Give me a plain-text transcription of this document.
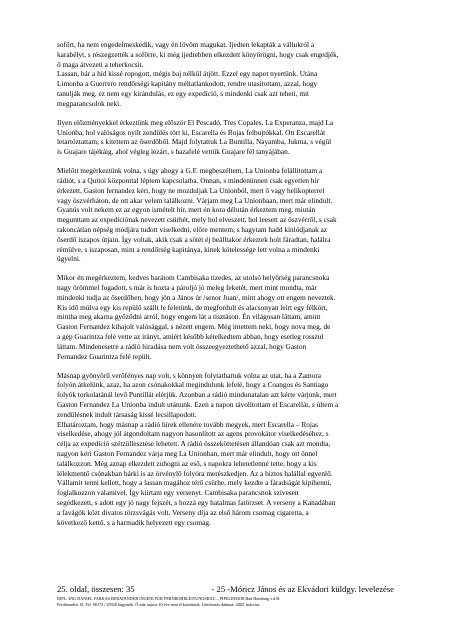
sofőrt, ha nem engedelmeskedik, vagy én lövöm magukat. Ijedten lekapták a vállukról a

karabélyt, s részegzették a sofőrre, ki még ijedtebben elkezdett könyörögni, hogy csak engedjék,

ő maga átvezeti a teherkocsit.

Lassan, bár a híd kissé ropogott, mégis baj nélkül átjött. Ezzel egy napot nyertünk. Utána

Limonba a Guerrero rendőrségi kapitány méltatlankodott, rendre utasítottam, azzal, hogy

tanulják meg, ez nem egy kirándulás, ez egy expedíció, s mindenki csak azt teheti, mit

megparancsolok neki.

Ilyen előzményekkel érkeztünk meg először El Pescadó, Tres Copales, La Experanza, majd La

Unionba, hol valóságos nyílt zendülés tört ki, Escarella és Rojas felbujtókkal. Ott Escarellát

letartóztattam, s kitettem az őserdőből. Majd folytattuk La Buntilla, Nayamba, Jukma, s végül

is Guajare tájékáig, ahol végleg lezárt, s hazafelé vettük Guajare fél tanyájában.

Mielőtt megérkeztünk volna, s úgy ahogy a G.F. megbeszéltem, La Unionba felállítottam a

rádiót, s a Quitoi központtal léptem kapcsolatba. Onnan, s mindenünnen csak egyetlen hír

érkezett, Gaston fernandez kéri, hogy ne mozduljak La Unionból, mert ő vagy helikopterrel

vagy öszvérháton, de ott akar velem találkozni. Várjam meg La Unionbaan, mert már elindult.

Gyanús volt nekem ez az egyon ismételt hír, mert én kora délután érkeztem meg, miután

megunttam az expedíciónak nevezett csürhét, mely hol elveszett, hol leesett az öszvérről, s csak

rakoncátlan népség módjára tudott viselkedni, előre mentem, s hagytam hadd kínlódjanak az

őserdő iszapos útjain. Így voltak, akik csak a sötét éj beálltakor érkeztek holt fáradtan, halálra

rémülve, s iszaposan, mint a rendőrség kapitánya, kinek kötelessége lett volna a mindenki

ügyelni.

Mikor én megérkeztem, kedves barátom Cambisaka tizedes, az utolsó helyőrség parancsnoka

nagy örömmel fogadott, s már is hozta a pároljó jó meleg feketét, mert mint mondta, már

mindenki tudja az őserdőben, hogy jön a János úr /senor Juan/, mint ahogy ott engem neveztek.

Kis idő múlva egy kis repülő szállt le feletünk, de megfordult és alacsonyan leírt egy félkört,

mintha meg akarna győződni arról, hogy engem lát a tisztáson. Én világosan láttam, amint

Gaston Fernandez kihajolt valósággal, s nézett engem. Még intettem neki, hogy nova meg, de

a gép Guarintza felé vette az irányt, amiért később kételkedtem abban, hogy esetleg rosszul

láttam. Mindenesetre a rádió hiradása nem volt összeegyeztethető azzal, hogy Gaston

Fernandez Guarintza felé repült.

Másnap gyönyörű verőfényes nap volt, s könnyen folytathattuk volna az utat, ha a Zamora

folyón átkelünk, azaz, ha azon csónakokkal megindulunk lefelé, hogy a Coangos és Santiago

folyók torkolatánál levő Puntillát elérjük. Azonban a rádió mindunatalan azt kérte várjunk, mert

Gaston Fernandez La Unionba indult utánunk. Ezen a napon távolítottam el Escarellát, s ültem a

zendülésnek indult társaság kissé lecsillapodott.

Elhatároztam, hogy másnap a rádió hírek ellenére tovább megyek, mert Escarella – Rojas

viselkedése, ahogy jól átgondoltam nagyon hasonlított az agens provokátor viselkedéséhez, s

célja az expedíció szétzüllesztése lehetett. A rádió összeköttetésen állandóan csak azt mondta,

nagyon kéri Gaston Fernandez várja meg La Unionban, mert már elindult, hogy ott önnel

találkozzon. Még aznap elkezdett zuhogni az eső, s napokra lehetetlenné tette, hogy a kis

lélekmentő csónakban bárki is az örvénylő folyóra merészkedjen. Az a biztos halállal egyenlő.

Vállamit tenni kellett, hogy a lassan magához térő csürhe, mely kezdte a fáradságát kipihenni,

foglalkozzon valamivel. Így kiírtam egy versenyt. Cambisaka parancsnok szívesen

segédkezett, s adott egy jó nagy fejszét, s hozzá egy hatalmas fatörzset. A verseny a Kanadában

a favágók közt divatos törzsvágás volt. Verseny díja az első három csomag cigaretta, a

következő kettő, s a harmadik helyezett egy csomag.

25. oldal, összesen: 35	- 25 -Móricz János és az Ekvádori küldgy. levelezése
DIPL.-ING DANIEL FARKAS BERATENDER INGENI FÜR FERNROHRLEITUNGSBAU – PIPELINES38 Bad Homburg v.d.H.
Ferdinandstr 19, Tel. 06172 / 29330 hagyaték. Ő már sajnos 10 éve nem él közöttünk. Létrehozás dátuma: 2003. március
